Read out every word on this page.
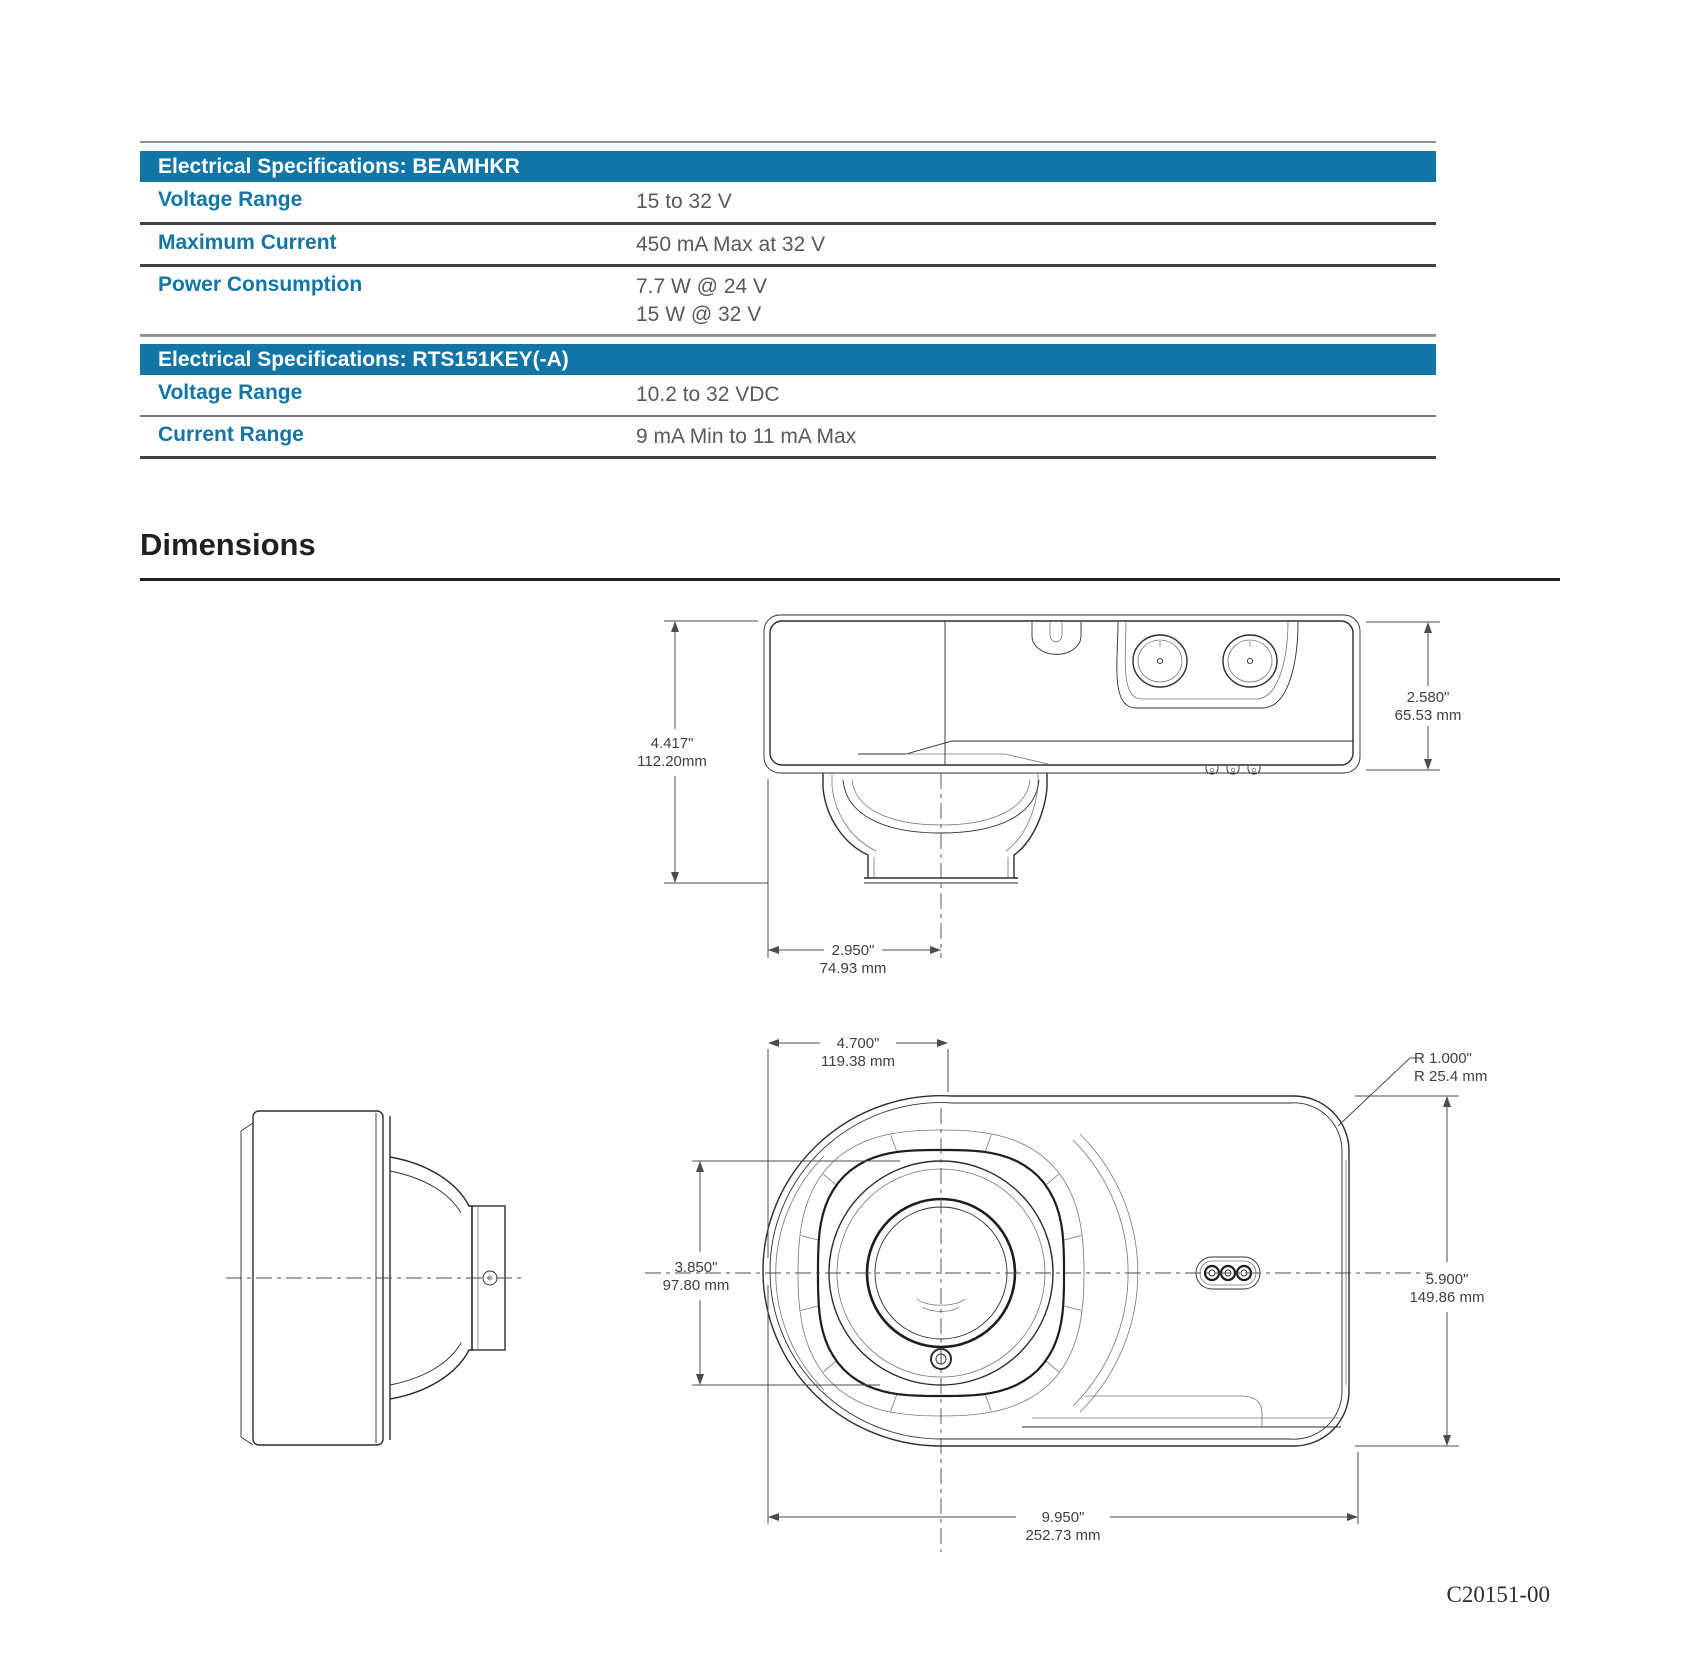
Electrical Specifications: BEAMHKR
Voltage Range	15 to 32 V
Maximum Current	450 mA Max at 32 V
Power Consumption	7.7 W @ 24 V
15 W @ 32 V
Electrical Specifications: RTS151KEY(-A)
Voltage Range	10.2 to 32 VDC
Current Range	9 mA Min to 11 mA Max
Dimensions
4.417"
112.20mm
2.580"
65.53 mm
2.950"
74.93 mm
4.700"
119.38 mm	R 1.000"
R 25.4 mm
3.850"
97.80 mm	5.900"
149.86 mm
9.950"
252.73 mm
C20151-00
